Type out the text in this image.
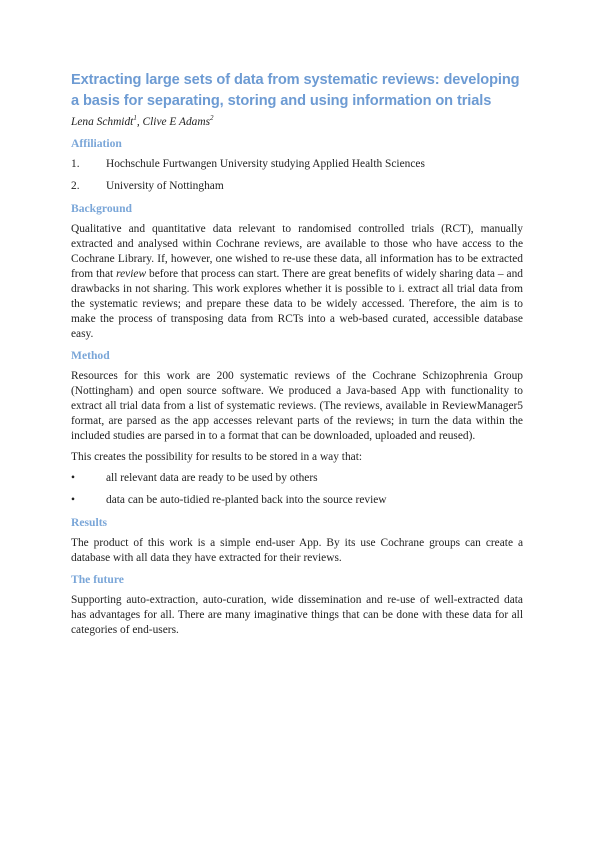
Extracting large sets of data from systematic reviews: developing a basis for separating, storing and using information on trials
Lena Schmidt$^1$, Clive E Adams$^2$
Affiliation
1.	Hochschule Furtwangen University studying Applied Health Sciences
2.	University of Nottingham
Background

Qualitative and quantitative data relevant to randomised controlled trials (RCT), manually extracted and analysed within Cochrane reviews, are available to those who have access to the Cochrane Library. If, however, one wished to re-use these data, all information has to be extracted from that review before that process can start. There are great benefits of widely sharing data – and drawbacks in not sharing. This work explores whether it is possible to i. extract all trial data from the systematic reviews; and prepare these data to be widely accessed. Therefore, the aim is to make the process of transposing data from RCTs into a web-based curated, accessible database easy.

Method

Resources for this work are 200 systematic reviews of the Cochrane Schizophrenia Group (Nottingham) and open source software. We produced a Java-based App with functionality to extract all trial data from a list of systematic reviews. (The reviews, available in ReviewManager5 format, are parsed as the app accesses relevant parts of the reviews; in turn the data within the included studies are parsed in to a format that can be downloaded, uploaded and reused).

This creates the possibility for results to be stored in a way that:

•	all relevant data are ready to be used by others
•	data can be auto-tidied re-planted back into the source review
Results

The product of this work is a simple end-user App. By its use Cochrane groups can create a database with all data they have extracted for their reviews.

The future

Supporting auto-extraction, auto-curation, wide dissemination and re-use of well-extracted data has advantages for all. There are many imaginative things that can be done with these data for all categories of end-users.
